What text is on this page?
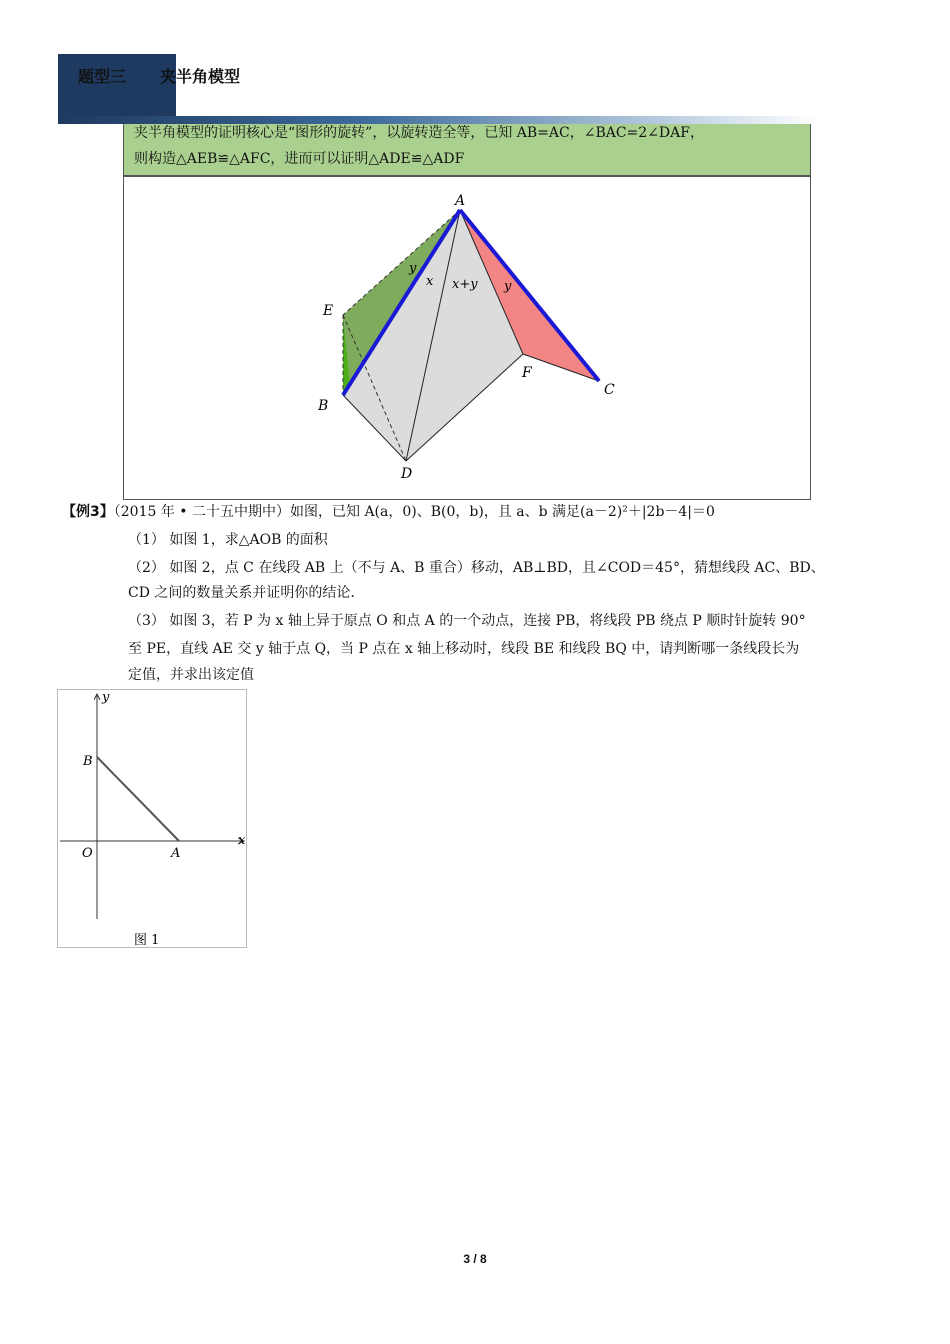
题型三 夹半角模型
夹半角模型的证明核心是“图形的旋转”，以旋转造全等，已知 AB=AC，∠BAC=2∠DAF，
则构造△AEB≌△AFC，进而可以证明△ADE≌△ADF
A
E
B
D
F
C
y
x x+y y
【例3】（2015 年 • 二十五中期中）如图，已知 A(a，0)、B(0，b)，且 a、b 满足(a－2)²＋|2b－4|＝0
（1） 如图 1，求△AOB 的面积
（2） 如图 2，点 C 在线段 AB 上（不与 A、B 重合）移动，AB⊥BD，且∠COD＝45°，猜想线段 AC、BD、
CD 之间的数量关系并证明你的结论.
（3） 如图 3，若 P 为 x 轴上异于原点 O 和点 A 的一个动点，连接 PB，将线段 PB 绕点 P 顺时针旋转 90°
至 PE，直线 AE 交 y 轴于点 Q，当 P 点在 x 轴上移动时，线段 BE 和线段 BQ 中，请判断哪一条线段长为
定值，并求出该定值
y
x
B
O	A
图 1
3 / 8
